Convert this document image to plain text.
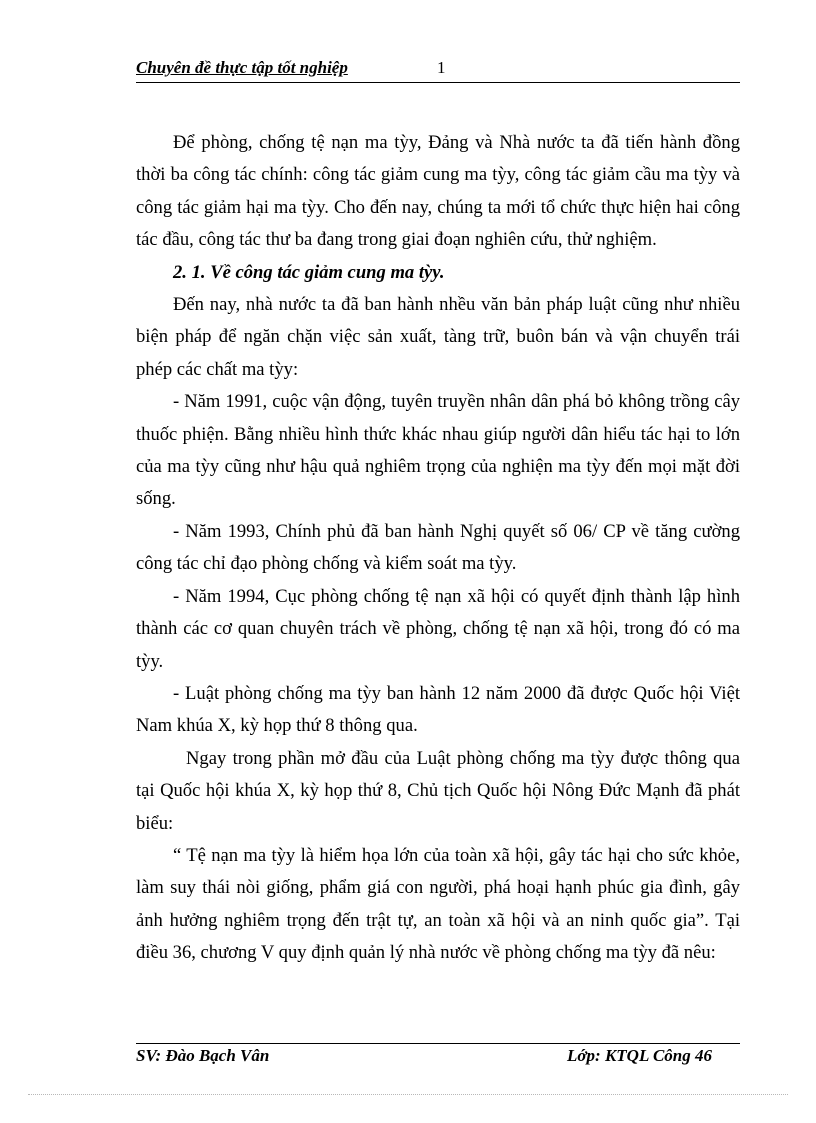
Chuyên đề thực tập tốt nghiệp	1

Để phòng, chống tệ nạn ma tỳy, Đảng và Nhà nước ta đã tiến hành đồng thời ba công tác chính: công tác giảm cung ma tỳy, công tác giảm cầu ma tỳy và công tác giảm hại ma tỳy. Cho đến nay, chúng ta mới tổ chức thực hiện hai công tác đầu, công tác thư ba đang trong giai đoạn nghiên cứu, thử nghiệm.

2. 1. Về công tác giảm cung ma tỳy.

Đến nay, nhà nước ta đã ban hành nhều văn bản pháp luật cũng như nhiều biện pháp để ngăn chặn việc sản xuất, tàng trữ, buôn bán và vận chuyển trái phép các chất ma tỳy:

- Năm 1991, cuộc vận động, tuyên truyền nhân dân phá bỏ không trồng cây thuốc phiện. Bằng nhiều hình thức khác nhau giúp người dân hiểu tác hại to lớn của ma tỳy cũng như hậu quả nghiêm trọng của nghiện ma tỳy đến mọi mặt đời sống.

- Năm 1993, Chính phủ đã ban hành Nghị quyết số 06/ CP về tăng cường công tác chỉ đạo phòng chống và kiểm soát ma tỳy.

- Năm 1994, Cục phòng chống tệ nạn xã hội có quyết định thành lập hình thành các cơ quan chuyên trách về phòng, chống tệ nạn xã hội, trong đó có ma tỳy.

- Luật phòng chống ma tỳy ban hành 12 năm 2000 đã được Quốc hội Việt Nam khúa X, kỳ họp thứ 8 thông qua.

Ngay trong phần mở đầu của Luật phòng chống ma tỳy được thông qua tại Quốc hội khúa X, kỳ họp thứ 8, Chủ tịch Quốc hội Nông Đức Mạnh đã phát biểu:

“ Tệ nạn ma tỳy là hiểm họa lớn của toàn xã hội, gây tác hại cho sức khỏe, làm suy thái nòi giống, phẩm giá con người, phá hoại hạnh phúc gia đình, gây ảnh hưởng nghiêm trọng đến trật tự, an toàn xã hội và an ninh quốc gia”. Tại điều 36, chương V quy định quản lý nhà nước về phòng chống ma tỳy đã nêu:

SV: Đào Bạch Vân	Lớp: KTQL Công 46
